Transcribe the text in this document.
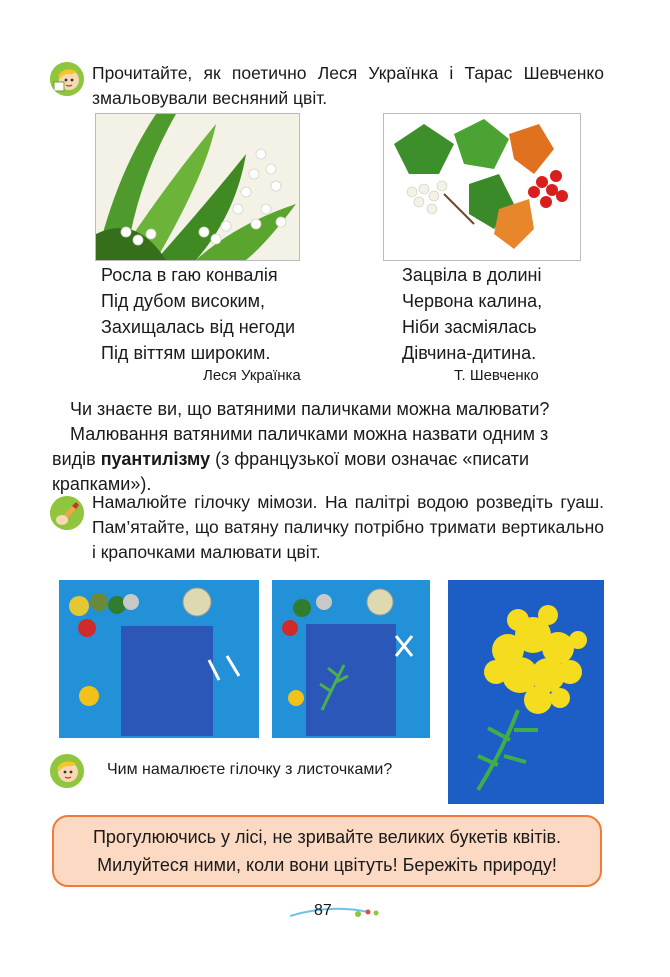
Прочитайте, як поетично Леся Українка і Тарас Шевченко змальовували весняний цвіт.
Росла в гаю конвалія
Під дубом високим,
Захищалась від негоди
Під віттям широким.
Леся Українка
Зацвіла в долині
Червона калина,
Ніби засміялась
Дівчина-дитина.
Т. Шевченко
Чи знаєте ви, що ватяними паличками можна малювати?
Малювання ватяними паличками можна назвати одним з
видів пуантилізму (з французької мови означає «писати
крапками»).
Намалюйте гілочку мімози. На палітрі водою розведіть гуаш. Пам’ятайте, що ватяну паличку потрібно тримати вертикально і крапочками малювати цвіт.
Чим намалюєте гілочку з листочками?
Прогулюючись у лісі, не зривайте великих букетів квітів.
Милуйтеся ними, коли вони цвітуть! Бережіть природу!
87
